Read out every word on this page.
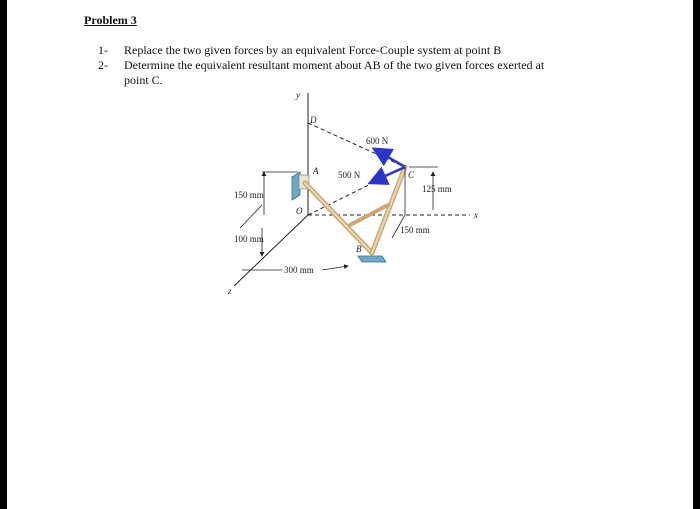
Problem 3
1- Replace the two given forces by an equivalent Force-Couple system at point B
2- Determine the equivalent resultant moment about AB of the two given forces exerted at
point C.
y
x
z
D
A
O
B
C
600 N
500 N
150 mm
100 mm
300 mm
125 mm
150 mm
